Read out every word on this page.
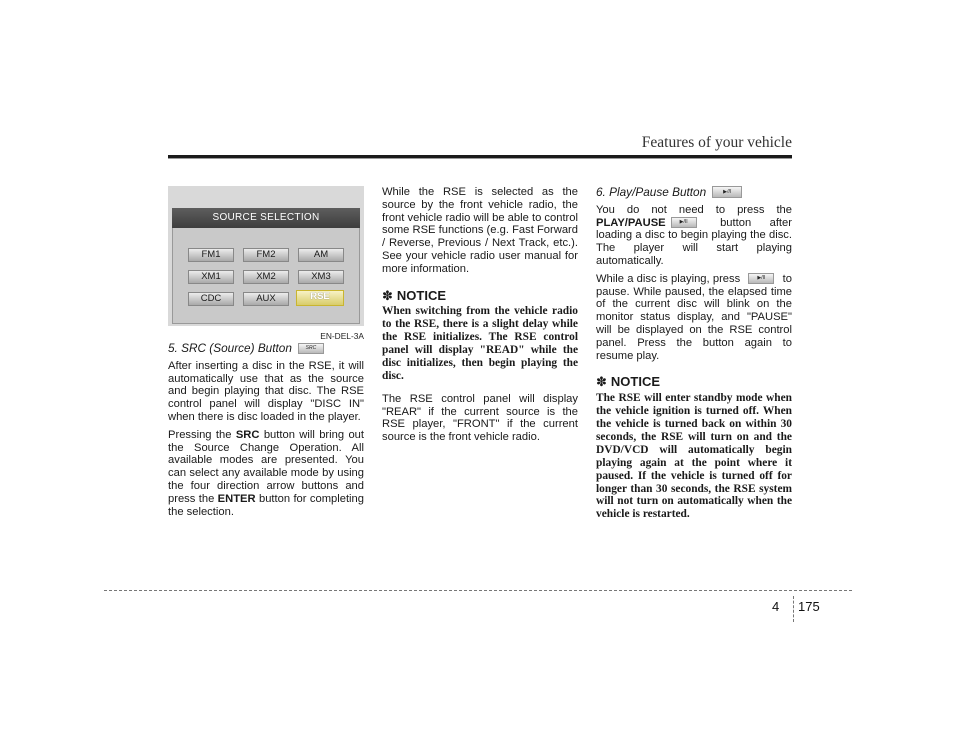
Features of your vehicle
SOURCE SELECTION
FM1	FM2	AM
XM1	XM2	XM3
CDC	AUX	RSE
EN-DEL-3A
5. SRC (Source) Button	SRC

After inserting a disc in the RSE, it will automatically use that as the source and begin playing that disc. The RSE control panel will display "DISC IN" when there is disc loaded in the player.

Pressing the SRC button will bring out the Source Change Operation. All available modes are presented. You can select any available mode by using the four direction arrow buttons and press the ENTER button for completing the selection.

While the RSE is selected as the source by the front vehicle radio, the front vehicle radio will be able to control some RSE functions (e.g. Fast Forward / Reverse, Previous / Next Track, etc.). See your vehicle radio user manual for more information.

✽ NOTICE

When switching from the vehicle radio to the RSE, there is a slight delay while the RSE initializes. The RSE control panel will display "READ" while the disc initializes, then begin playing the disc.

The RSE control panel will display "REAR" if the current source is the RSE player, "FRONT" if the current source is the front vehicle radio.

6. Play/Pause Button	▶/II

You do not need to press the PLAY/PAUSE	▶/II button after loading a disc to begin playing the disc. The player will start playing automatically.

While a disc is playing, press	▶/II to pause. While paused, the elapsed time of the current disc will blink on the monitor status display, and "PAUSE" will be displayed on the RSE control panel. Press the button again to resume play.

✽ NOTICE

The RSE will enter standby mode when the vehicle ignition is turned off. When the vehicle is turned back on within 30 seconds, the RSE will turn on and the DVD/VCD will automatically begin playing again at the point where it paused. If the vehicle is turned off for longer than 30 seconds, the RSE system will not turn on automatically when the vehicle is restarted.

4 175
